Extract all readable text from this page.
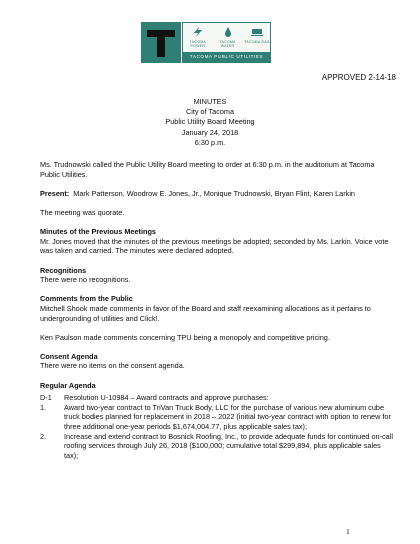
TACOMA POWER
TACOMA WATER
TACOMA RAIL
TACOMA PUBLIC UTILITIES
APPROVED 2-14-18
MINUTES
City of Tacoma
Public Utility Board Meeting
January 24, 2018
6:30 p.m.

Ms. Trudnowski called the Public Utility Board meeting to order at 6:30 p.m. in the auditorium at Tacoma Public Utilities.

Present: Mark Patterson, Woodrow E. Jones, Jr., Monique Trudnowski, Bryan Flint, Karen Larkin

The meeting was quorate.

Minutes of the Previous Meetings
Mr. Jones moved that the minutes of the previous meetings be adopted; seconded by Ms. Larkin. Voice vote was taken and carried. The minutes were declared adopted.
Recognitions
There were no recognitions.
Comments from the Public
Mitchell Shook made comments in favor of the Board and staff reexamining allocations as it pertains to undergrounding of utilities and Click!.

Ken Paulson made comments concerning TPU being a monopoly and competitive pricing.

Consent Agenda
There were no items on the consent agenda.
Regular Agenda
D-1	Resolution U-10984 – Award contracts and approve purchases:
1.	Award two-year contract to TriVan Truck Body, LLC for the purchase of various new aluminum cube truck bodies planned for replacement in 2018 – 2022 (initial two-year contract with option to renew for three additional one-year periods $1,674,004.77, plus applicable sales tax);
2.	Increase and extend contract to Bosnick Roofing, Inc., to provide adequate funds for continued on-call roofing services through July 26, 2018 ($100,000; cumulative total $299,894, plus applicable sales tax);
1
